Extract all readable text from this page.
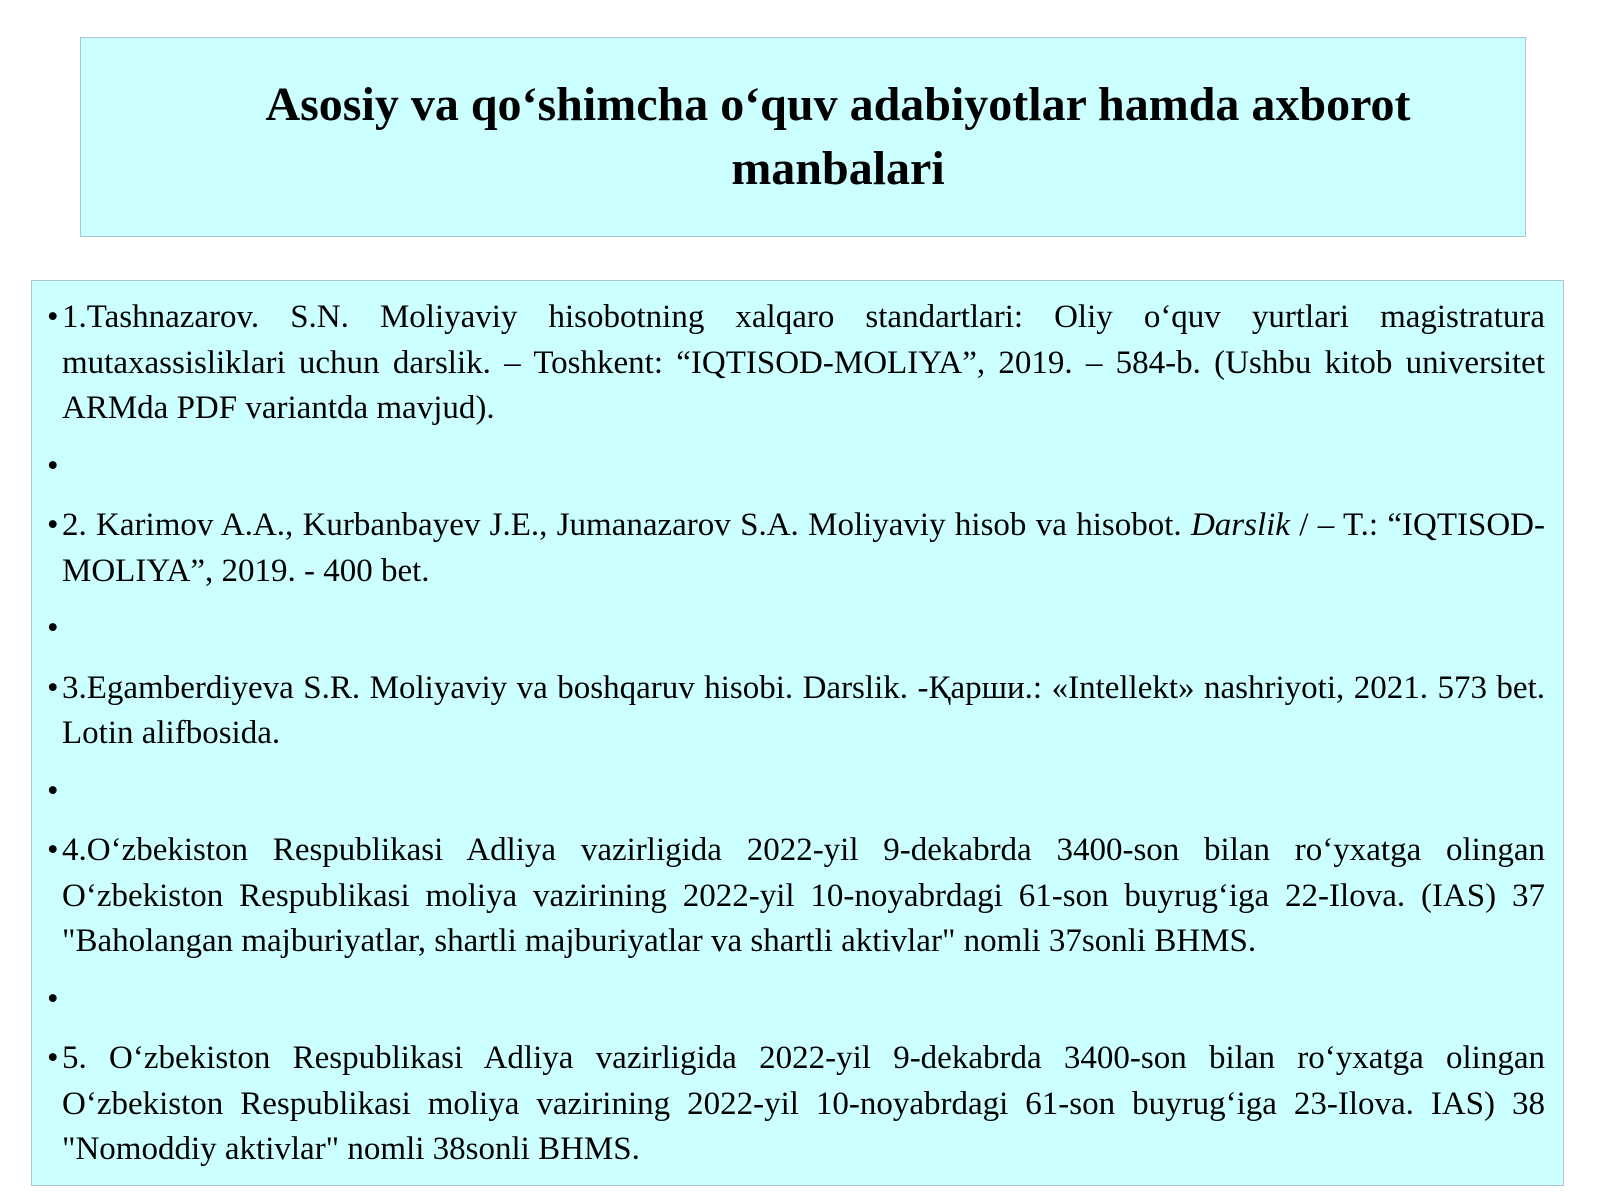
Asosiy va qo‘shimcha o‘quv adabiyotlar hamda axborot manbalari
• 1.Tashnazarov. S.N. Moliyaviy hisobotning xalqaro standartlari: Oliy o‘quv yurtlari magistratura mutaxassisliklari uchun darslik. – Toshkent: “IQTISOD-MOLIYA”, 2019. – 584-b. (Ushbu kitob universitet ARMda PDF variantda mavjud).
•

• 2. Karimov A.A., Kurbanbayev J.E., Jumanazarov S.A. Moliyaviy hisob va hisobot. Darslik / – T.: “IQTISOD-MOLIYA”, 2019. - 400 bet.
•

• 3.Egamberdiyeva S.R. Moliyaviy va boshqaruv hisobi. Darslik. -Қарши.: «Intellekt» nashriyoti, 2021. 573 bet. Lotin alifbosida.
•

• 4.O‘zbekiston Respublikasi Adliya vazirligida 2022-yil 9-dekabrda 3400-son bilan ro‘yxatga olingan O‘zbekiston Respublikasi moliya vazirining 2022-yil 10-noyabrdagi 61-son buyrug‘iga 22-Ilova. (IAS) 37 "Baholangan majburiyatlar, shartli majburiyatlar va shartli aktivlar" nomli 37sonli BHMS.
•

• 5. O‘zbekiston Respublikasi Adliya vazirligida 2022-yil 9-dekabrda 3400-son bilan ro‘yxatga olingan O‘zbekiston Respublikasi moliya vazirining 2022-yil 10-noyabrdagi 61-son buyrug‘iga 23-Ilova. IAS) 38 "Nomoddiy aktivlar" nomli 38sonli BHMS.
